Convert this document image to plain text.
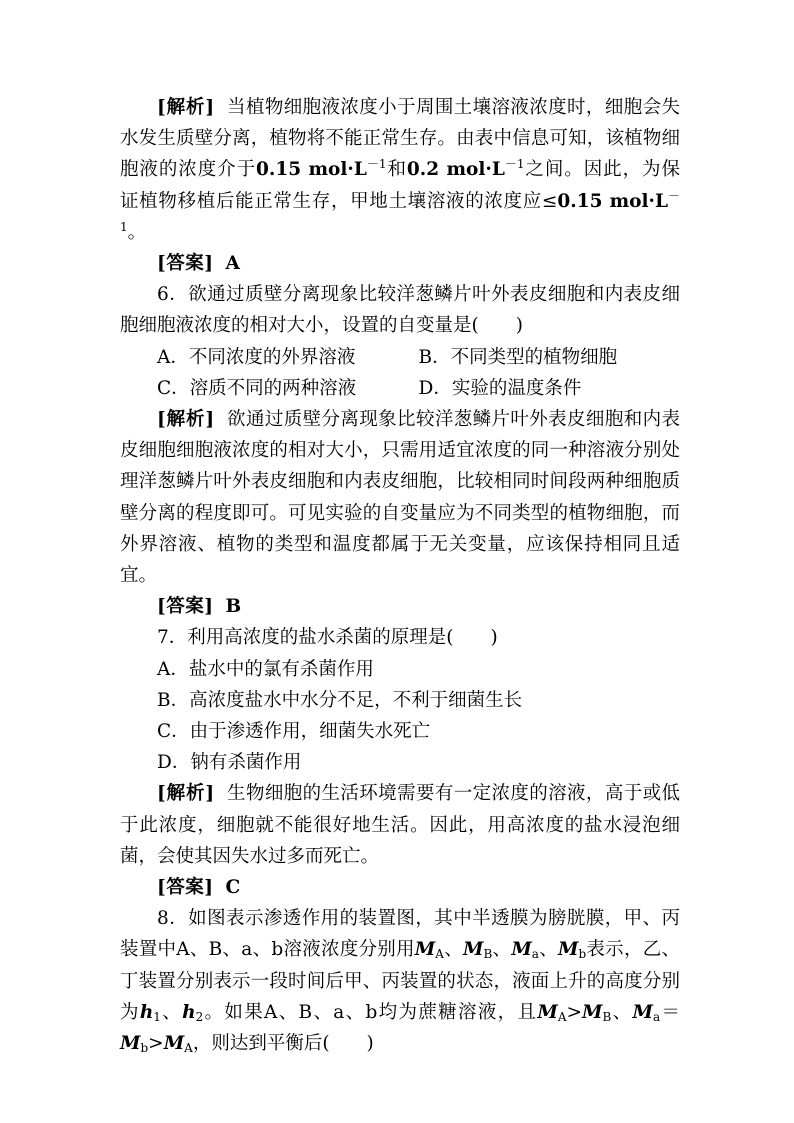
[解析] 当植物细胞液浓度小于周围土壤溶液浓度时，细胞会失水发生质壁分离，植物将不能正常生存。由表中信息可知，该植物细胞液的浓度介于0.15 $mol\cdot L^{-1}$和0.2 $mol\cdot L^{-1}$之间。因此，为保证植物移植后能正常生存，甲地土壤溶液的浓度应≤0.15 $mol\cdot L^{-1}$。

[答案] A

6．欲通过质壁分离现象比较洋葱鳞片叶外表皮细胞和内表皮细胞细胞液浓度的相对大小，设置的自变量是(　　)

A．不同浓度的外界溶液	B．不同类型的植物细胞
C．溶质不同的两种溶液	D．实验的温度条件

[解析] 欲通过质壁分离现象比较洋葱鳞片叶外表皮细胞和内表皮细胞细胞液浓度的相对大小，只需用适宜浓度的同一种溶液分别处理洋葱鳞片叶外表皮细胞和内表皮细胞，比较相同时间段两种细胞质壁分离的程度即可。可见实验的自变量应为不同类型的植物细胞，而外界溶液、植物的类型和温度都属于无关变量，应该保持相同且适宜。

[答案] B

7．利用高浓度的盐水杀菌的原理是(　　)

A．盐水中的氯有杀菌作用

B．高浓度盐水中水分不足，不利于细菌生长

C．由于渗透作用，细菌失水死亡

D．钠有杀菌作用

[解析] 生物细胞的生活环境需要有一定浓度的溶液，高于或低于此浓度，细胞就不能很好地生活。因此，用高浓度的盐水浸泡细菌，会使其因失水过多而死亡。

[答案] C

8．如图表示渗透作用的装置图，其中半透膜为膀胱膜，甲、丙装置中A、B、a、b溶液浓度分别用$M_A$、$M_B$、$M_a$、$M_b$表示，乙、丁装置分别表示一段时间后甲、丙装置的状态，液面上升的高度分别为$h_1$、$h_2$。如果A、B、a、b均为蔗糖溶液，且$M_A>M_B$、$M_a=M_b>M_A$，则达到平衡后(　　)
